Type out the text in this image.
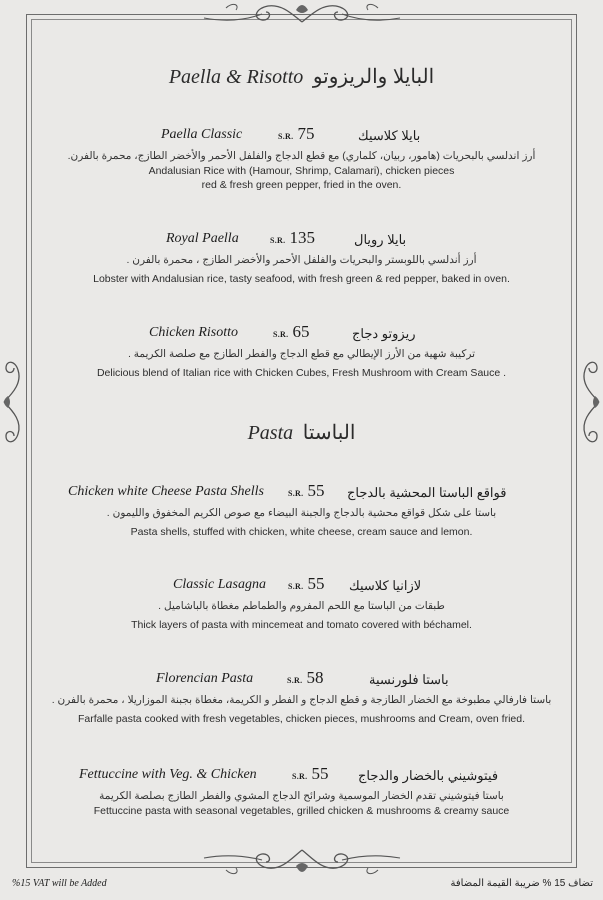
Paella & Risotto البايلا والريزوتو
Paella Classic	S.R. 75	بايلا كلاسيك
أرز اندلسي بالبحريات (هامور، ربيان، كلماري) مع قطع الدجاج والفلفل الأحمر والأخضر الطازج، محمرة بالفرن.
Andalusian Rice with (Hamour, Shrimp, Calamari), chicken pieces
red & fresh green pepper, fried in the oven.
Royal Paella	S.R. 135	بايلا رويال
أرز أندلسي باللوبستر والبحريات والفلفل الأحمر والأخضر الطازج ، محمرة بالفرن .
Lobster with Andalusian rice, tasty seafood, with fresh green & red pepper, baked in oven.
Chicken Risotto	S.R. 65	ريزوتو دجاج
تركيبة شهية من الأرز الإيطالي مع قطع الدجاج والفطر الطازج مع صلصة الكريمة .
Delicious blend of Italian rice with Chicken Cubes, Fresh Mushroom with Cream Sauce .
Pasta الباستا
Chicken white Cheese Pasta Shells	S.R. 55 قواقع الباستا المحشية بالدجاج
باستا على شكل قواقع محشية بالدجاج والجبنة البيضاء مع صوص الكريم المخفوق والليمون .
Pasta shells, stuffed with chicken, white cheese, cream sauce and lemon.
Classic Lasagna	S.R. 55 لازانيا كلاسيك
طبقات من الباستا مع اللحم المفروم والطماطم مغطاة بالباشاميل .
Thick layers of pasta with mincemeat and tomato covered with béchamel.
Florencian Pasta	S.R. 58	باستا فلورنسية
باستا فارفالي مطبوخة مع الخضار الطازجة و قطع الدجاج و الفطر و الكريمة، مغطاة بجبنة الموزاريلا ، محمرة بالفرن .
Farfalle pasta cooked with fresh vegetables, chicken pieces, mushrooms and Cream, oven fried.
Fettuccine with Veg. & Chicken	S.R. 55 فيتوشيني بالخضار والدجاج
باستا فيتوشيني تقدم الخضار الموسمية وشرائح الدجاج المشوي والفطر الطازج بصلصة الكريمة
Fettuccine pasta with seasonal vegetables, grilled chicken & mushrooms & creamy sauce
%15 VAT will be Added	تضاف 15 % ضريبة القيمة المضافة
